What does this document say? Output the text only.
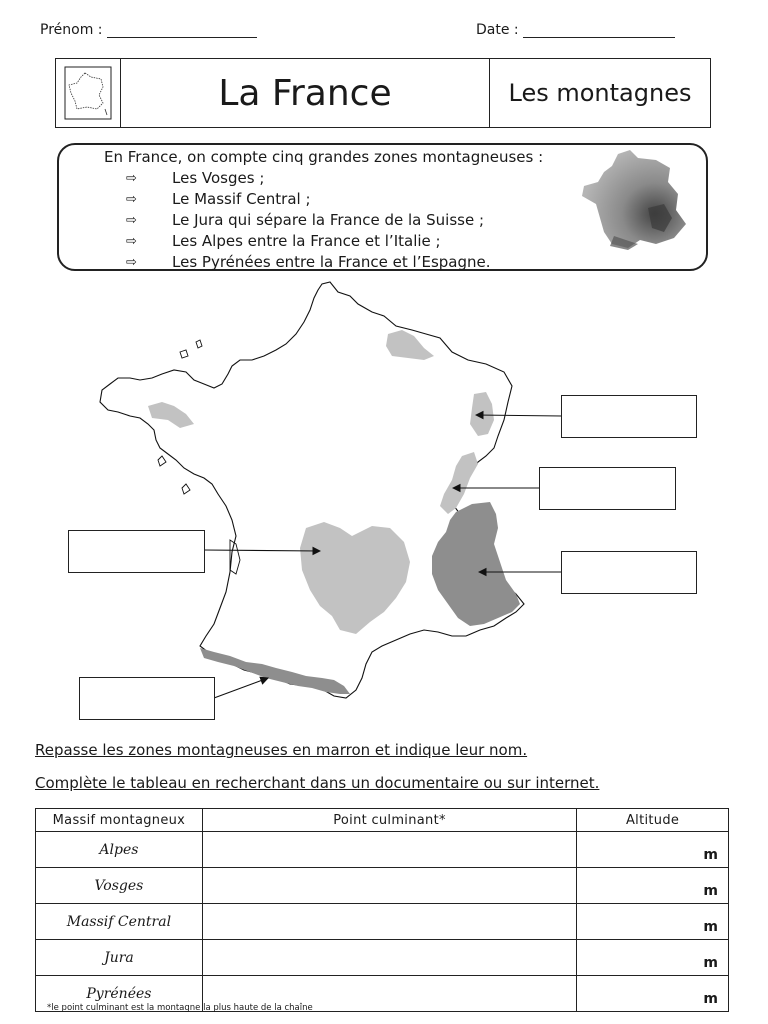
Prénom :	Date :
La France	Les montagnes
En France, on compte cinq grandes zones montagneuses :
⇨ Les Vosges ;
⇨ Le Massif Central ;
⇨ Le Jura qui sépare la France de la Suisse ;
⇨ Les Alpes entre la France et l’Italie ;
⇨ Les Pyrénées entre la France et l’Espagne.
Repasse les zones montagneuses en marron et indique leur nom.
Complète le tableau en recherchant dans un documentaire ou sur internet.
Massif montagneux	Point culminant*	Altitude
Alpes		m
Vosges		m
Massif Central		m
Jura		m
Pyrénées		m
*le point culminant est la montagne la plus haute de la chaîne
